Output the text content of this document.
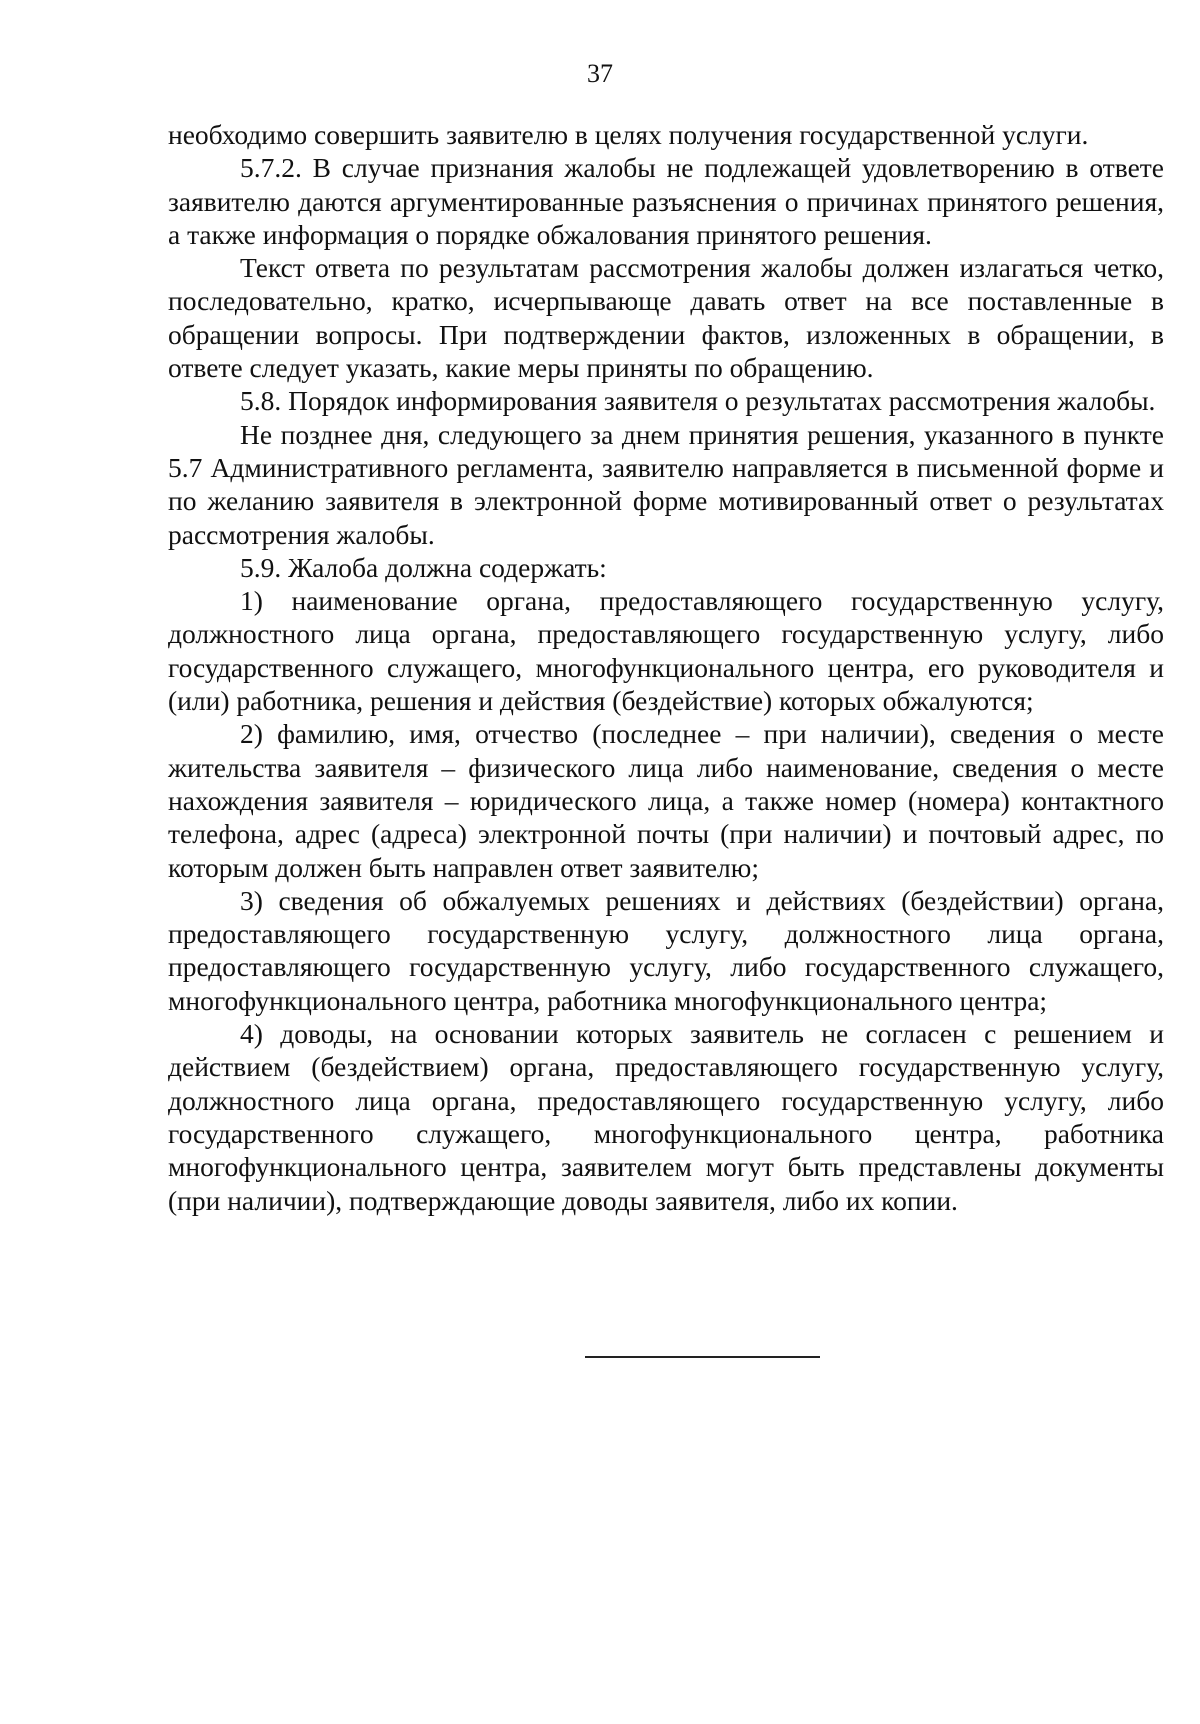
37

необходимо совершить заявителю в целях получения государственной услуги.

5.7.2. В случае признания жалобы не подлежащей удовлетворению в ответе заявителю даются аргументированные разъяснения о причинах принятого решения, а также информация о порядке обжалования принятого решения.

Текст ответа по результатам рассмотрения жалобы должен излагаться четко, последовательно, кратко, исчерпывающе давать ответ на все поставленные в обращении вопросы. При подтверждении фактов, изложенных в обращении, в ответе следует указать, какие меры приняты по обращению.

5.8. Порядок информирования заявителя о результатах рассмотрения жалобы.

Не позднее дня, следующего за днем принятия решения, указанного в пункте 5.7 Административного регламента, заявителю направляется в письменной форме и по желанию заявителя в электронной форме мотивированный ответ о результатах рассмотрения жалобы.

5.9. Жалоба должна содержать:

1) наименование органа, предоставляющего государственную услугу, должностного лица органа, предоставляющего государственную услугу, либо государственного служащего, многофункционального центра, его руководителя и (или) работника, решения и действия (бездействие) которых обжалуются;

2) фамилию, имя, отчество (последнее – при наличии), сведения о месте жительства заявителя – физического лица либо наименование, сведения о месте нахождения заявителя – юридического лица, а также номер (номера) контактного телефона, адрес (адреса) электронной почты (при наличии) и почтовый адрес, по которым должен быть направлен ответ заявителю;

3) сведения об обжалуемых решениях и действиях (бездействии) органа, предоставляющего государственную услугу, должностного лица органа, предоставляющего государственную услугу, либо государственного служащего, многофункционального центра, работника многофункционального центра;

4) доводы, на основании которых заявитель не согласен с решением и действием (бездействием) органа, предоставляющего государственную услугу, должностного лица органа, предоставляющего государственную услугу, либо государственного служащего, многофункционального центра, работника многофункционального центра, заявителем могут быть представлены документы (при наличии), подтверждающие доводы заявителя, либо их копии.
